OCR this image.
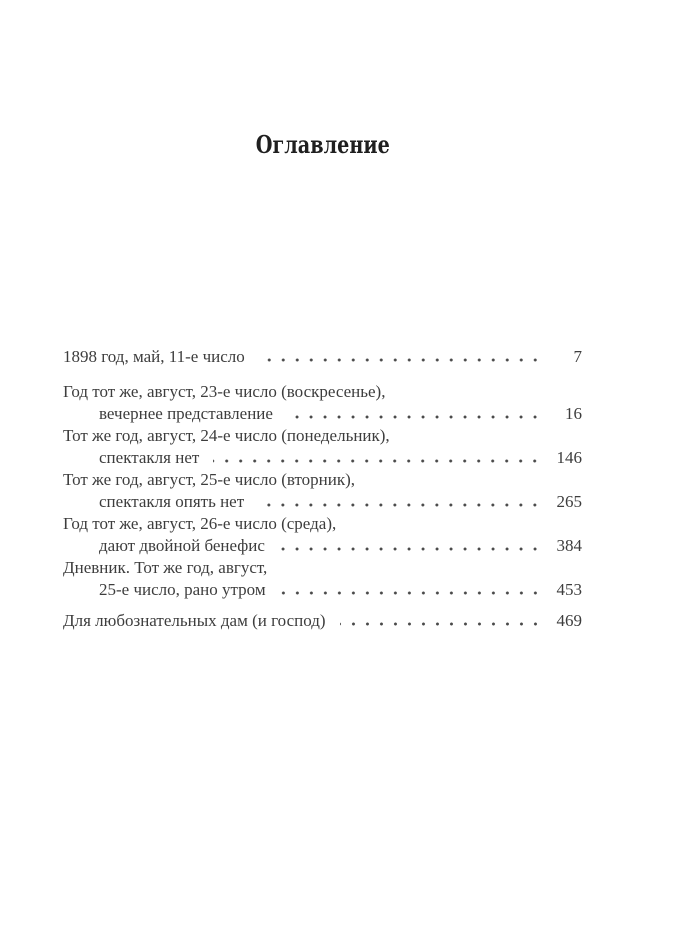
Оглавление
1898 год, май, 11-е число	7
Год тот же, август, 23-е число (воскресенье),
вечернее представление	16
Тот же год, август, 24-е число (понедельник),
спектакля нет	146
Тот же год, август, 25-е число (вторник),
спектакля опять нет	265
Год тот же, август, 26-е число (среда),
дают двойной бенефис	384
Дневник. Тот же год, август,
25-е число, рано утром	453
Для любознательных дам (и господ)	469
